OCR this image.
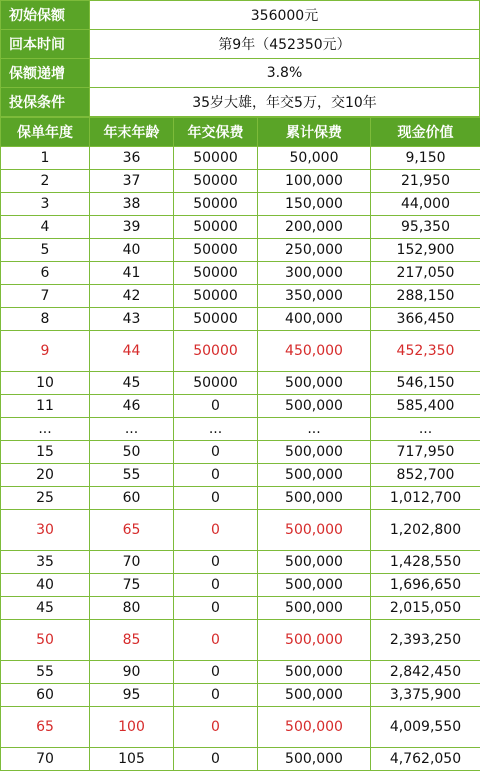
初始保额	356000元
回本时间	第9年（452350元）
保额递增	3.8%
投保条件	35岁大雄，年交5万，交10年
保单年度	年末年龄	年交保费	累计保费	现金价值
1	36	50000	50,000	9,150
2	37	50000	100,000	21,950
3	38	50000	150,000	44,000
4	39	50000	200,000	95,350
5	40	50000	250,000	152,900
6	41	50000	300,000	217,050
7	42	50000	350,000	288,150
8	43	50000	400,000	366,450
9	44	50000	450,000	452,350
10	45	50000	500,000	546,150
11	46	0	500,000	585,400
...	...	...	...	...
15	50	0	500,000	717,950
20	55	0	500,000	852,700
25	60	0	500,000	1,012,700
30	65	0	500,000	1,202,800
35	70	0	500,000	1,428,550
40	75	0	500,000	1,696,650
45	80	0	500,000	2,015,050
50	85	0	500,000	2,393,250
55	90	0	500,000	2,842,450
60	95	0	500,000	3,375,900
65	100	0	500,000	4,009,550
70	105	0	500,000	4,762,050
